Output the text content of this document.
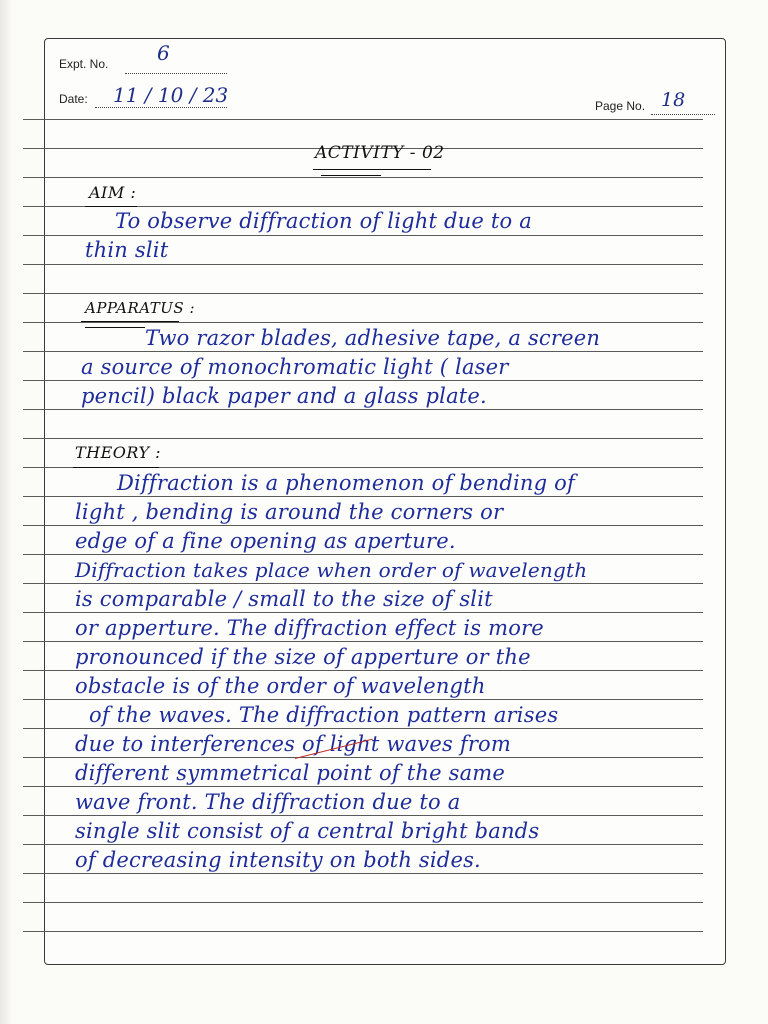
Expt. No. 6
Date: 11 / 10 / 23	Page No. 18
ACTIVITY - 02
AIM :
To observe diffraction of light due to a
thin slit
APPARATUS :
Two razor blades, adhesive tape, a screen
a source of monochromatic light ( laser
pencil) black paper and a glass plate.
THEORY :
Diffraction is a phenomenon of bending of
light , bending is around the corners or
edge of a fine opening as aperture.
Diffraction takes place when order of wavelength
is comparable / small to the size of slit
or apperture. The diffraction effect is more
pronounced if the size of apperture or the
obstacle is of the order of wavelength
of the waves. The diffraction pattern arises
due to interferences of light waves from
different symmetrical point of the same
wave front. The diffraction due to a
single slit consist of a central bright bands
of decreasing intensity on both sides.
